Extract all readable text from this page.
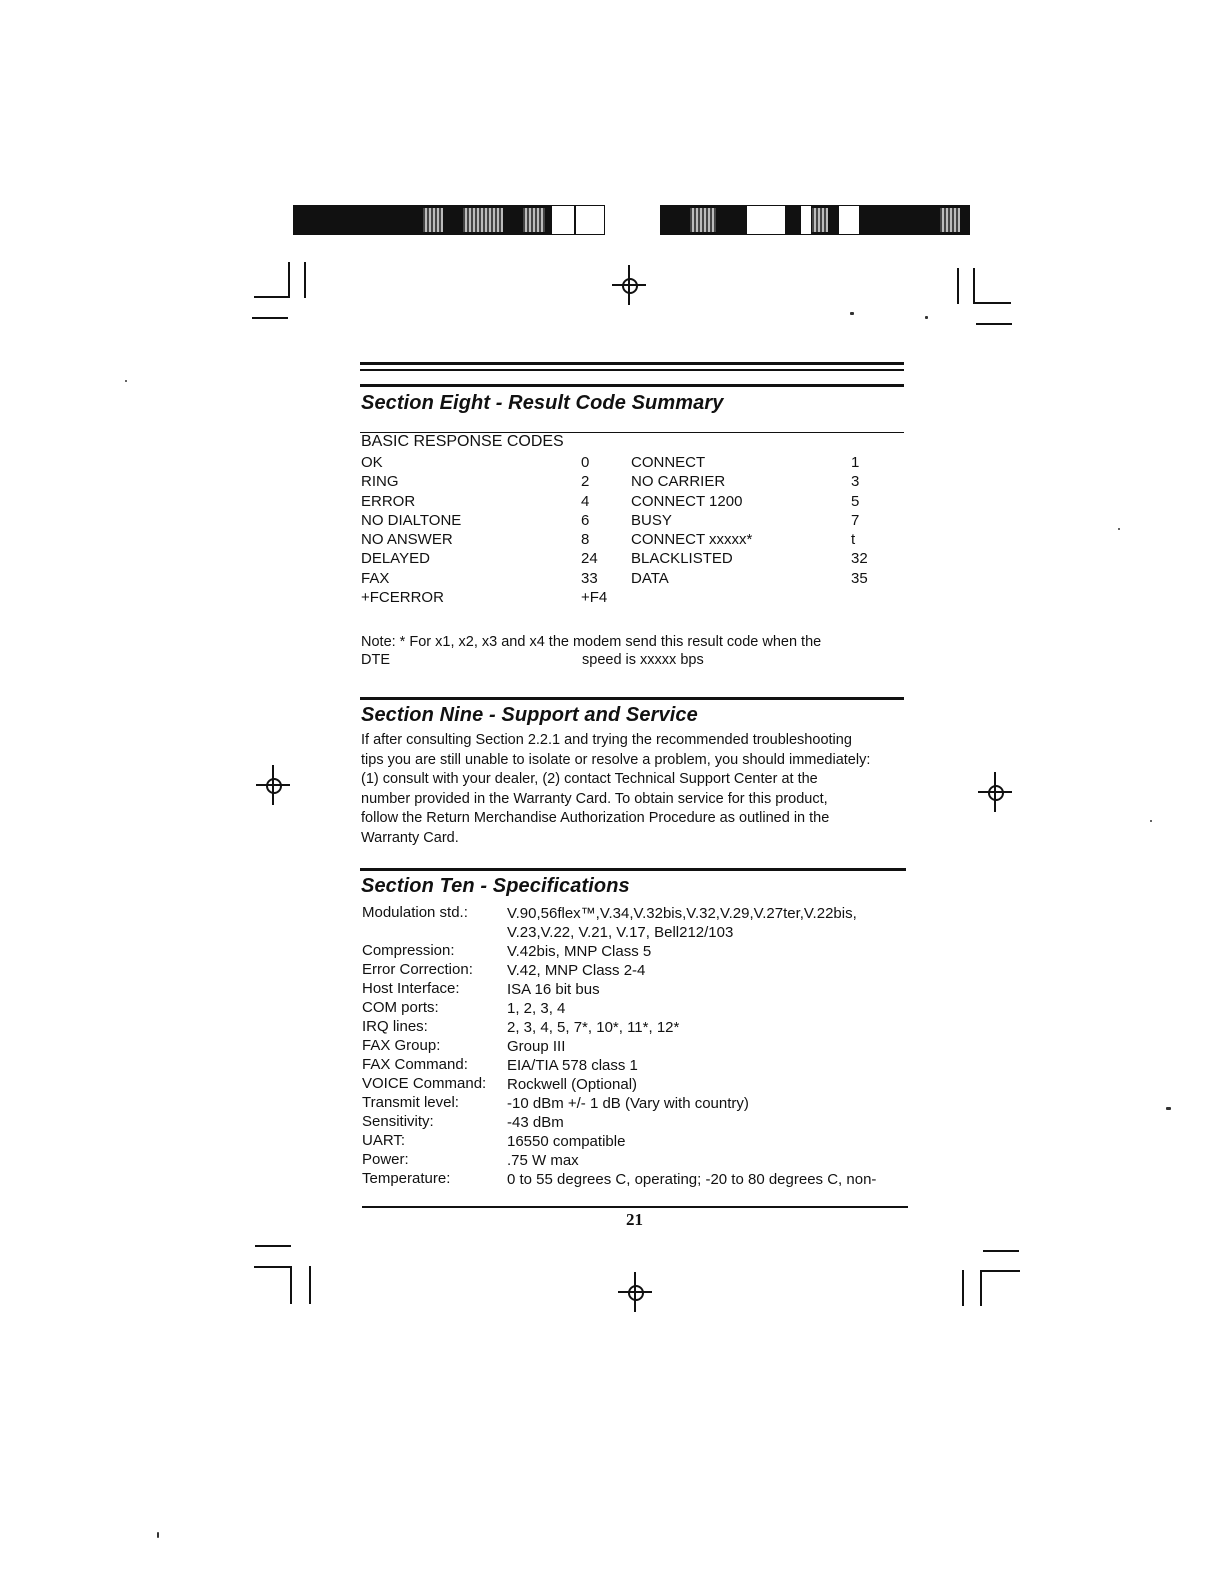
Section Eight - Result Code Summary
BASIC RESPONSE CODES
OK	0	CONNECT	1
RING	2	NO CARRIER	3
ERROR	4	CONNECT 1200	5
NO DIALTONE	6	BUSY	7
NO ANSWER	8	CONNECT xxxxx*	t
DELAYED	24 BLACKLISTED	32
FAX	33 DATA	35
+FCERROR	+F4
Note: * For x1, x2, x3 and x4 the modem send this result code when the
DTE	speed is xxxxx bps
Section Nine - Support and Service
If after consulting Section 2.2.1 and trying the recommended troubleshooting
tips you are still unable to isolate or resolve a problem, you should immediately:
(1) consult with your dealer, (2) contact Technical Support Center at the
number provided in the Warranty Card. To obtain service for this product,
follow the Return Merchandise Authorization Procedure as outlined in the
Warranty Card.
Section Ten - Specifications
Modulation std.:	V.90,56flex™,V.34,V.32bis,V.32,V.29,V.27ter,V.22bis,
V.23,V.22, V.21, V.17, Bell212/103
Compression:	V.42bis, MNP Class 5
Error Correction: V.42, MNP Class 2-4
Host Interface:	ISA 16 bit bus
COM ports:	1, 2, 3, 4
IRQ lines:	2, 3, 4, 5, 7*, 10*, 11*, 12*
FAX Group:	Group III
FAX Command:	EIA/TIA 578 class 1
VOICE Command: Rockwell (Optional)
Transmit level:	-10 dBm +/- 1 dB (Vary with country)
Sensitivity:	-43 dBm
UART:	16550 compatible
Power:	.75 W max
Temperature:	0 to 55 degrees C, operating; -20 to 80 degrees C, non-
21
